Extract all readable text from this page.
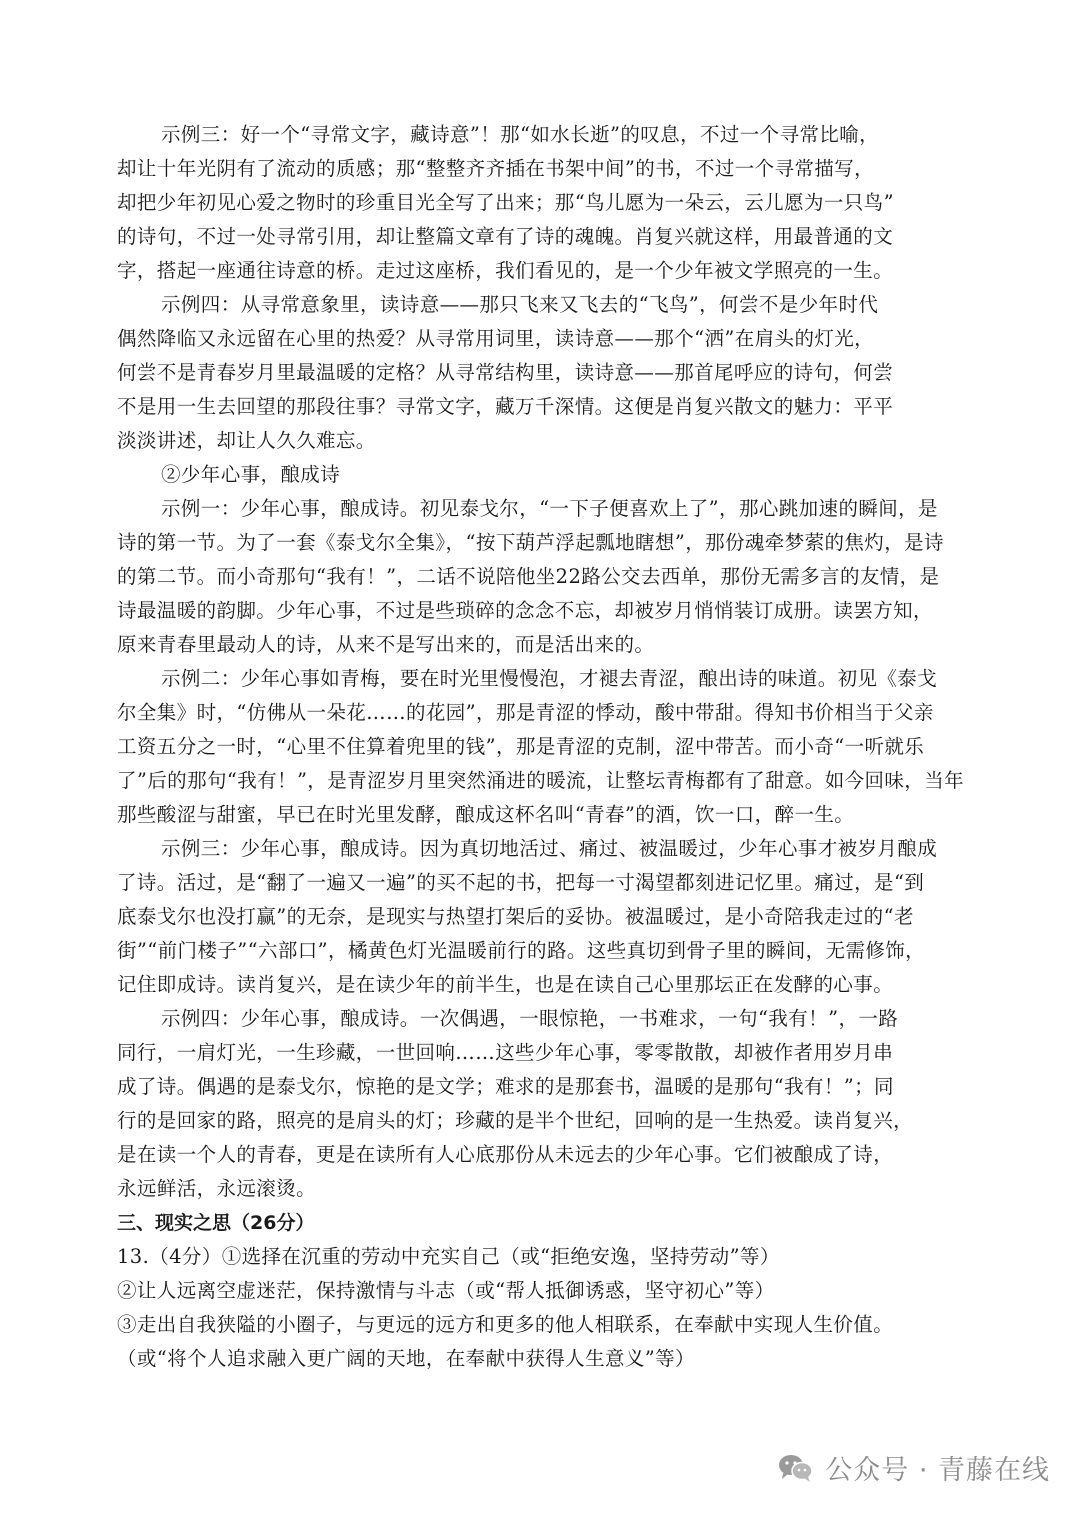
示例三：好一个“寻常文字，藏诗意”！那“如水长逝”的叹息，不过一个寻常比喻，
却让十年光阴有了流动的质感；那“整整齐齐插在书架中间”的书，不过一个寻常描写，
却把少年初见心爱之物时的珍重目光全写了出来；那“鸟儿愿为一朵云，云儿愿为一只鸟”
的诗句，不过一处寻常引用，却让整篇文章有了诗的魂魄。肖复兴就这样，用最普通的文
字，搭起一座通往诗意的桥。走过这座桥，我们看见的，是一个少年被文学照亮的一生。
示例四：从寻常意象里，读诗意——那只飞来又飞去的“飞鸟”，何尝不是少年时代
偶然降临又永远留在心里的热爱？从寻常用词里，读诗意——那个“洒”在肩头的灯光，
何尝不是青春岁月里最温暖的定格？从寻常结构里，读诗意——那首尾呼应的诗句，何尝
不是用一生去回望的那段往事？寻常文字，藏万千深情。这便是肖复兴散文的魅力：平平
淡淡讲述，却让人久久难忘。
②少年心事，酿成诗
示例一：少年心事，酿成诗。初见泰戈尔，“一下子便喜欢上了”，那心跳加速的瞬间，是
诗的第一节。为了一套《泰戈尔全集》，“按下葫芦浮起瓢地瞎想”，那份魂牵梦萦的焦灼，是诗
的第二节。而小奇那句“我有！”，二话不说陪他坐22路公交去西单，那份无需多言的友情，是
诗最温暖的韵脚。少年心事，不过是些琐碎的念念不忘，却被岁月悄悄装订成册。读罢方知，
原来青春里最动人的诗，从来不是写出来的，而是活出来的。
示例二：少年心事如青梅，要在时光里慢慢泡，才褪去青涩，酿出诗的味道。初见《泰戈
尔全集》时，“仿佛从一朵花……的花园”，那是青涩的悸动，酸中带甜。得知书价相当于父亲
工资五分之一时，“心里不住算着兜里的钱”，那是青涩的克制，涩中带苦。而小奇“一听就乐
了”后的那句“我有！”，是青涩岁月里突然涌进的暖流，让整坛青梅都有了甜意。如今回味，当年
那些酸涩与甜蜜，早已在时光里发酵，酿成这杯名叫“青春”的酒，饮一口，醉一生。
示例三：少年心事，酿成诗。因为真切地活过、痛过、被温暖过，少年心事才被岁月酿成
了诗。活过，是“翻了一遍又一遍”的买不起的书，把每一寸渴望都刻进记忆里。痛过，是“到
底泰戈尔也没打赢”的无奈，是现实与热望打架后的妥协。被温暖过，是小奇陪我走过的“老
街”“前门楼子”“六部口”，橘黄色灯光温暖前行的路。这些真切到骨子里的瞬间，无需修饰，
记住即成诗。读肖复兴，是在读少年的前半生，也是在读自己心里那坛正在发酵的心事。
示例四：少年心事，酿成诗。一次偶遇，一眼惊艳，一书难求，一句“我有！”，一路
同行，一肩灯光，一生珍藏，一世回响……这些少年心事，零零散散，却被作者用岁月串
成了诗。偶遇的是泰戈尔，惊艳的是文学；难求的是那套书，温暖的是那句“我有！”；同
行的是回家的路，照亮的是肩头的灯；珍藏的是半个世纪，回响的是一生热爱。读肖复兴，
是在读一个人的青春，更是在读所有人心底那份从未远去的少年心事。它们被酿成了诗，
永远鲜活，永远滚烫。
三、现实之思（26分）
13.（4分）①选择在沉重的劳动中充实自己（或“拒绝安逸，坚持劳动”等）
②让人远离空虚迷茫，保持激情与斗志（或“帮人抵御诱惑，坚守初心”等）
③走出自我狭隘的小圈子，与更远的远方和更多的他人相联系，在奉献中实现人生价值。
（或“将个人追求融入更广阔的天地，在奉献中获得人生意义”等）
公众号 · 青藤在线
